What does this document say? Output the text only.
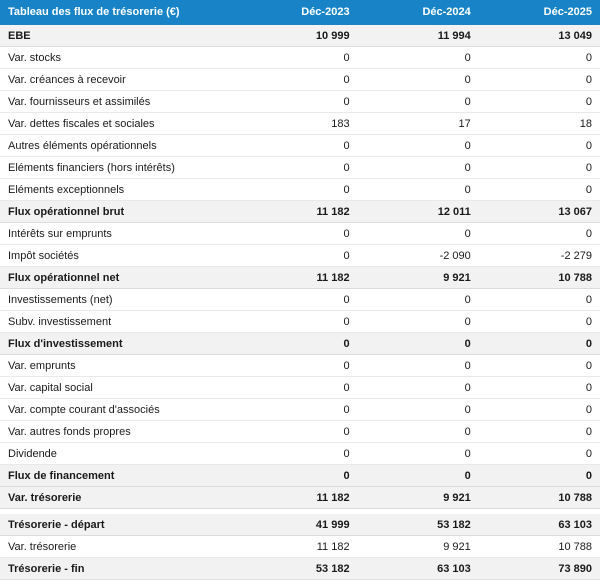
Tableau des flux de trésorerie (€)	Déc-2023	Déc-2024	Déc-2025
EBE	10 999	11 994	13 049
Var. stocks	0	0	0
Var. créances à recevoir	0	0	0
Var. fournisseurs et assimilés	0	0	0
Var. dettes fiscales et sociales	183	17	18
Autres éléments opérationnels	0	0	0
Eléments financiers (hors intérêts)	0	0	0
Eléments exceptionnels	0	0	0
Flux opérationnel brut	11 182	12 011	13 067
Intérêts sur emprunts	0	0	0
Impôt sociétés	0	-2 090	-2 279
Flux opérationnel net	11 182	9 921	10 788
Investissements (net)	0	0	0
Subv. investissement	0	0	0
Flux d'investissement	0	0	0
Var. emprunts	0	0	0
Var. capital social	0	0	0
Var. compte courant d'associés	0	0	0
Var. autres fonds propres	0	0	0
Dividende	0	0	0
Flux de financement	0	0	0
Var. trésorerie	11 182	9 921	10 788

Trésorerie - départ	41 999	53 182	63 103
Var. trésorerie	11 182	9 921	10 788
Trésorerie - fin	53 182	63 103	73 890
